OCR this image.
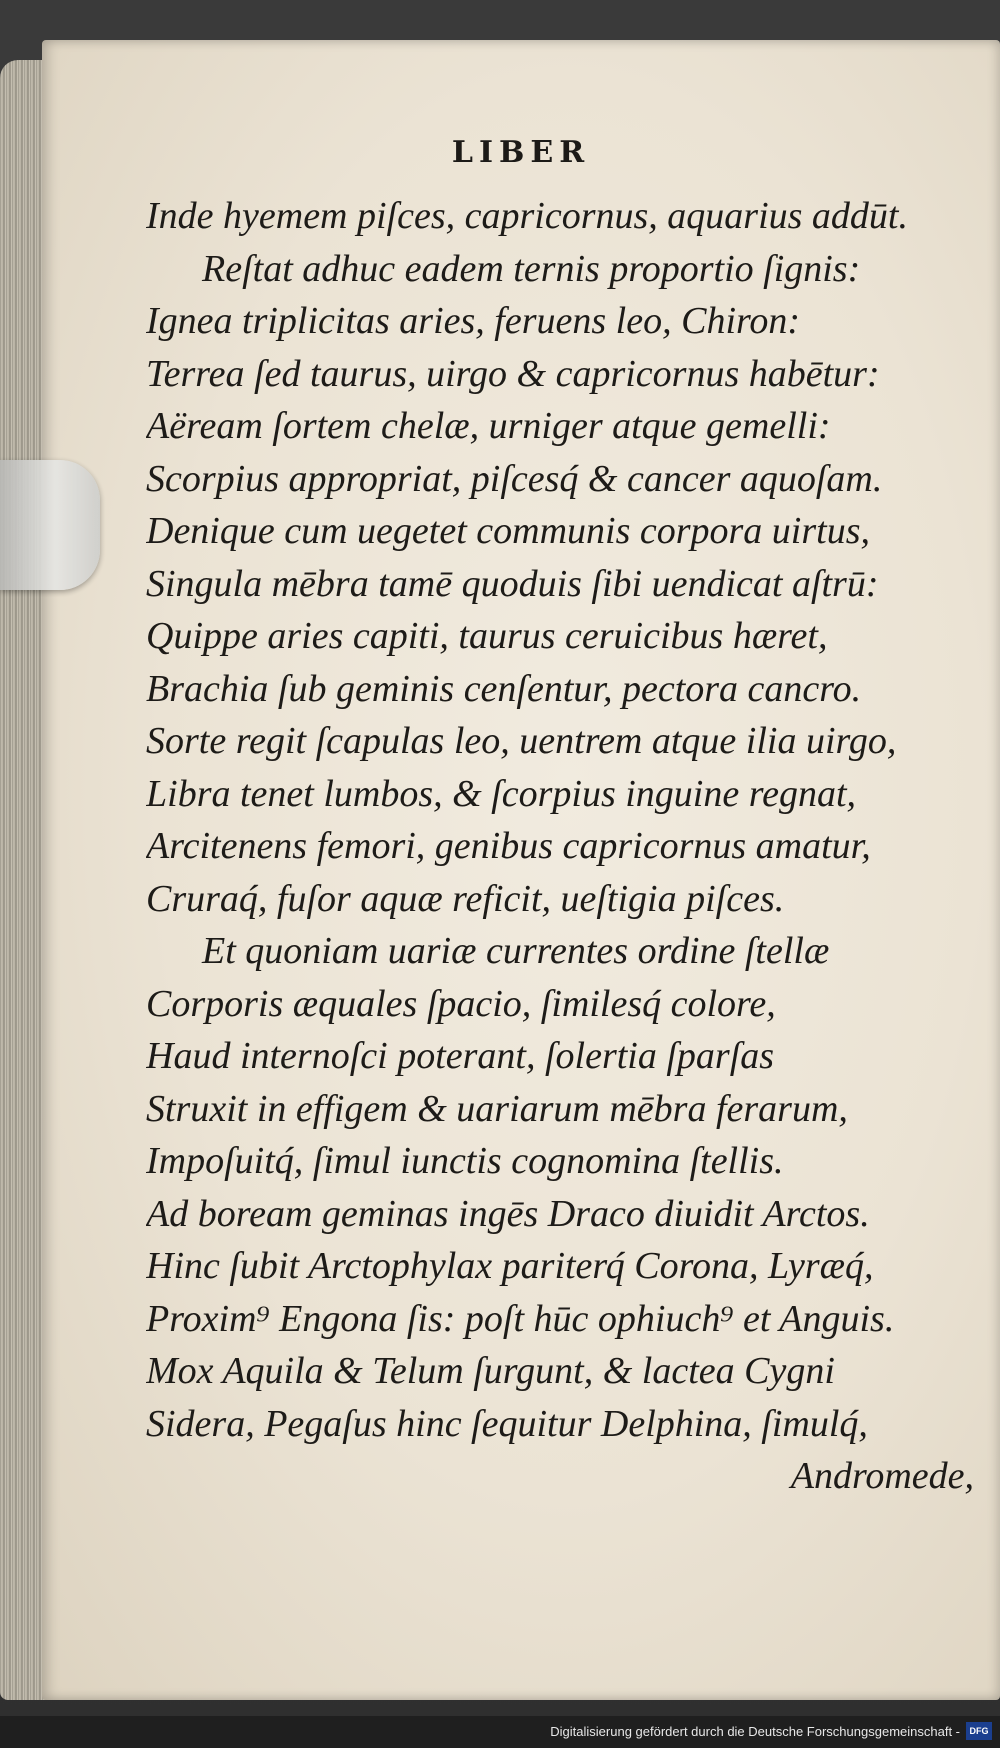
LIBER
Inde hyemem piſces, capricornus, aquarius addūt.
Reſtat adhuc eadem ternis proportio ſignis:
Ignea triplicitas aries, feruens leo, Chiron:
Terrea ſed taurus, uirgo & capricornus habētur:
Aëream ſortem chelæ, urniger atque gemelli:
Scorpius appropriat, piſcesq́ & cancer aquoſam.
Denique cum uegetet communis corpora uirtus,
Singula mēbra tamē quoduis ſibi uendicat aſtrū:
Quippe aries capiti, taurus ceruicibus hæret,
Brachia ſub geminis cenſentur, pectora cancro.
Sorte regit ſcapulas leo, uentrem atque ilia uirgo,
Libra tenet lumbos, & ſcorpius inguine regnat,
Arcitenens femori, genibus capricornus amatur,
Cruraq́, fuſor aquæ reficit, ueſtigia piſces.
Et quoniam uariæ currentes ordine ſtellæ
Corporis æquales ſpacio, ſimilesq́ colore,
Haud internoſci poterant, ſolertia ſparſas
Struxit in effigem & uariarum mēbra ferarum,
Impoſuitq́, ſimul iunctis cognomina ſtellis.
Ad boream geminas ingēs Draco diuidit Arctos.
Hinc ſubit Arctophylax pariterq́ Corona, Lyræq́,
Proxim⁹ Engona ſis: poſt hūc ophiuch⁹ et Anguis.
Mox Aquila & Telum ſurgunt, & lactea Cygni
Sidera, Pegaſus hinc ſequitur Delphina, ſimulq́,
Andromede,
Digitalisierung gefördert durch die Deutsche Forschungsgemeinschaft -	DFG
